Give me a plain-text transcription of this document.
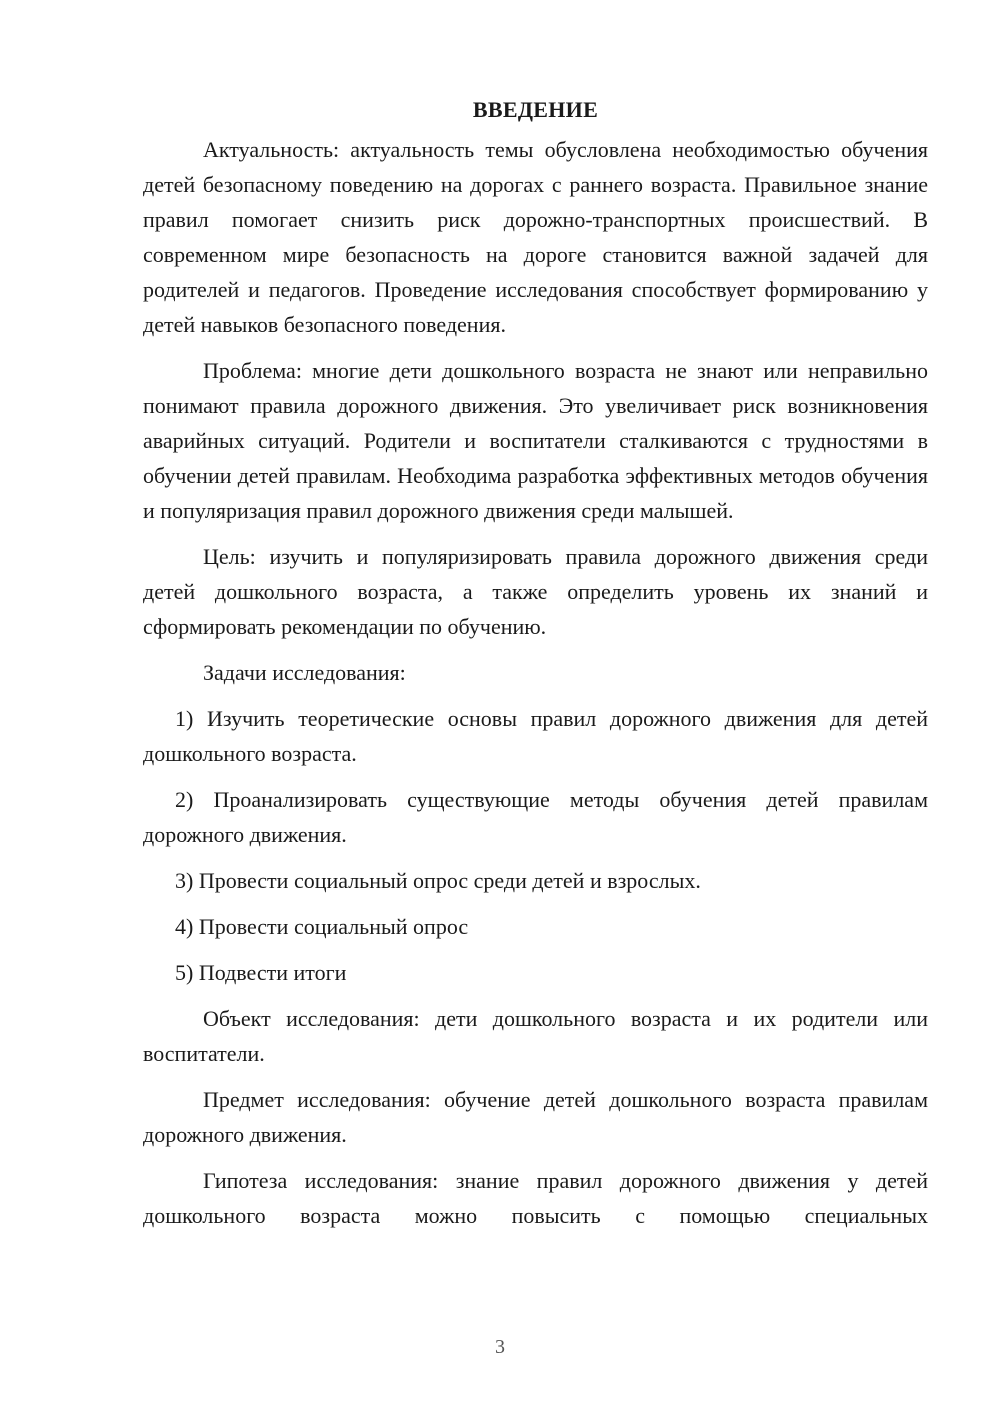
ВВЕДЕНИЕ

Актуальность: актуальность темы обусловлена необходимостью обучения детей безопасному поведению на дорогах с раннего возраста. Правильное знание правил помогает снизить риск дорожно-транспортных происшествий. В современном мире безопасность на дороге становится важной задачей для родителей и педагогов. Проведение исследования способствует формированию у детей навыков безопасного поведения.

Проблема: многие дети дошкольного возраста не знают или неправильно понимают правила дорожного движения. Это увеличивает риск возникновения аварийных ситуаций. Родители и воспитатели сталкиваются с трудностями в обучении детей правилам. Необходима разработка эффективных методов обучения и популяризация правил дорожного движения среди малышей.

Цель: изучить и популяризировать правила дорожного движения среди детей дошкольного возраста, а также определить уровень их знаний и сформировать рекомендации по обучению.

Задачи исследования:

1) Изучить теоретические основы правил дорожного движения для детей дошкольного возраста.

2) Проанализировать существующие методы обучения детей правилам дорожного движения.

3) Провести социальный опрос среди детей и взрослых.

4) Провести социальный опрос

5) Подвести итоги

Объект исследования: дети дошкольного возраста и их родители или воспитатели.

Предмет исследования: обучение детей дошкольного возраста правилам дорожного движения.

Гипотеза исследования: знание правил дорожного движения у детей дошкольного возраста можно повысить с помощью специальных

3
